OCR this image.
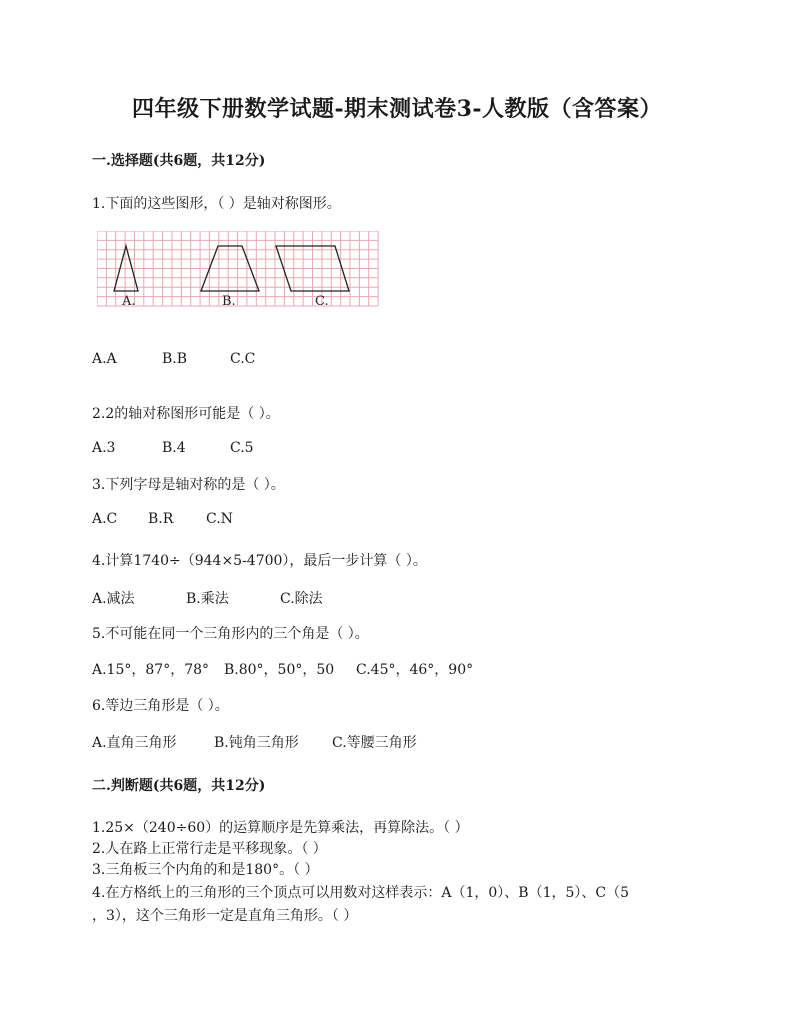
四年级下册数学试题-期末测试卷3-人教版（含答案）
一.选择题(共6题，共12分)
1.下面的这些图形，（ ）是轴对称图形。
A.	B.	C.
A.A	B.B	C.C
2.2的轴对称图形可能是（ ）。
A.3	B.4	C.5
3.下列字母是轴对称的是（ ）。
A.C B.R C.N
4.计算1740÷（944×5-4700），最后一步计算（ ）。
A.减法	B.乘法	C.除法
5.不可能在同一个三角形内的三个角是（ ）。
A.15°，87°，78° B.80°，50°，50 C.45°，46°，90°
6.等边三角形是（ ）。
A.直角三角形	B.钝角三角形 C.等腰三角形
二.判断题(共6题，共12分)
1.25×（240÷60）的运算顺序是先算乘法，再算除法。（ ）
2.人在路上正常行走是平移现象。（ ）
3.三角板三个内角的和是180°。（ ）
4.在方格纸上的三角形的三个顶点可以用数对这样表示：A（1，0）、B（1，5）、C（5
，3），这个三角形一定是直角三角形。（ ）
